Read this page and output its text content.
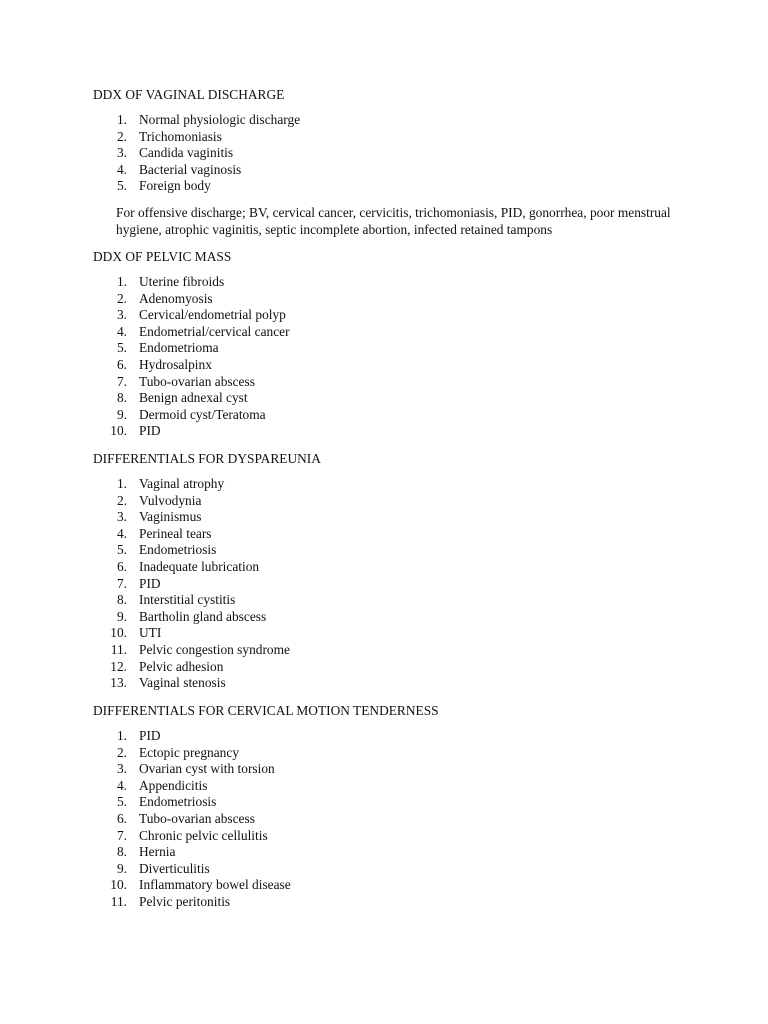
DDX OF VAGINAL DISCHARGE
1. Normal physiologic discharge
2. Trichomoniasis
3. Candida vaginitis
4. Bacterial vaginosis
5. Foreign body

For offensive discharge; BV, cervical cancer, cervicitis, trichomoniasis, PID, gonorrhea, poor menstrual hygiene, atrophic vaginitis, septic incomplete abortion, infected retained tampons

DDX OF PELVIC MASS
1. Uterine fibroids
2. Adenomyosis
3. Cervical/endometrial polyp
4. Endometrial/cervical cancer
5. Endometrioma
6. Hydrosalpinx
7. Tubo-ovarian abscess
8. Benign adnexal cyst
9. Dermoid cyst/Teratoma
10. PID
DIFFERENTIALS FOR DYSPAREUNIA
1. Vaginal atrophy
2. Vulvodynia
3. Vaginismus
4. Perineal tears
5. Endometriosis
6. Inadequate lubrication
7. PID
8. Interstitial cystitis
9. Bartholin gland abscess
10. UTI
11. Pelvic congestion syndrome
12. Pelvic adhesion
13. Vaginal stenosis
DIFFERENTIALS FOR CERVICAL MOTION TENDERNESS
1. PID
2. Ectopic pregnancy
3. Ovarian cyst with torsion
4. Appendicitis
5. Endometriosis
6. Tubo-ovarian abscess
7. Chronic pelvic cellulitis
8. Hernia
9. Diverticulitis
10. Inflammatory bowel disease
11. Pelvic peritonitis
